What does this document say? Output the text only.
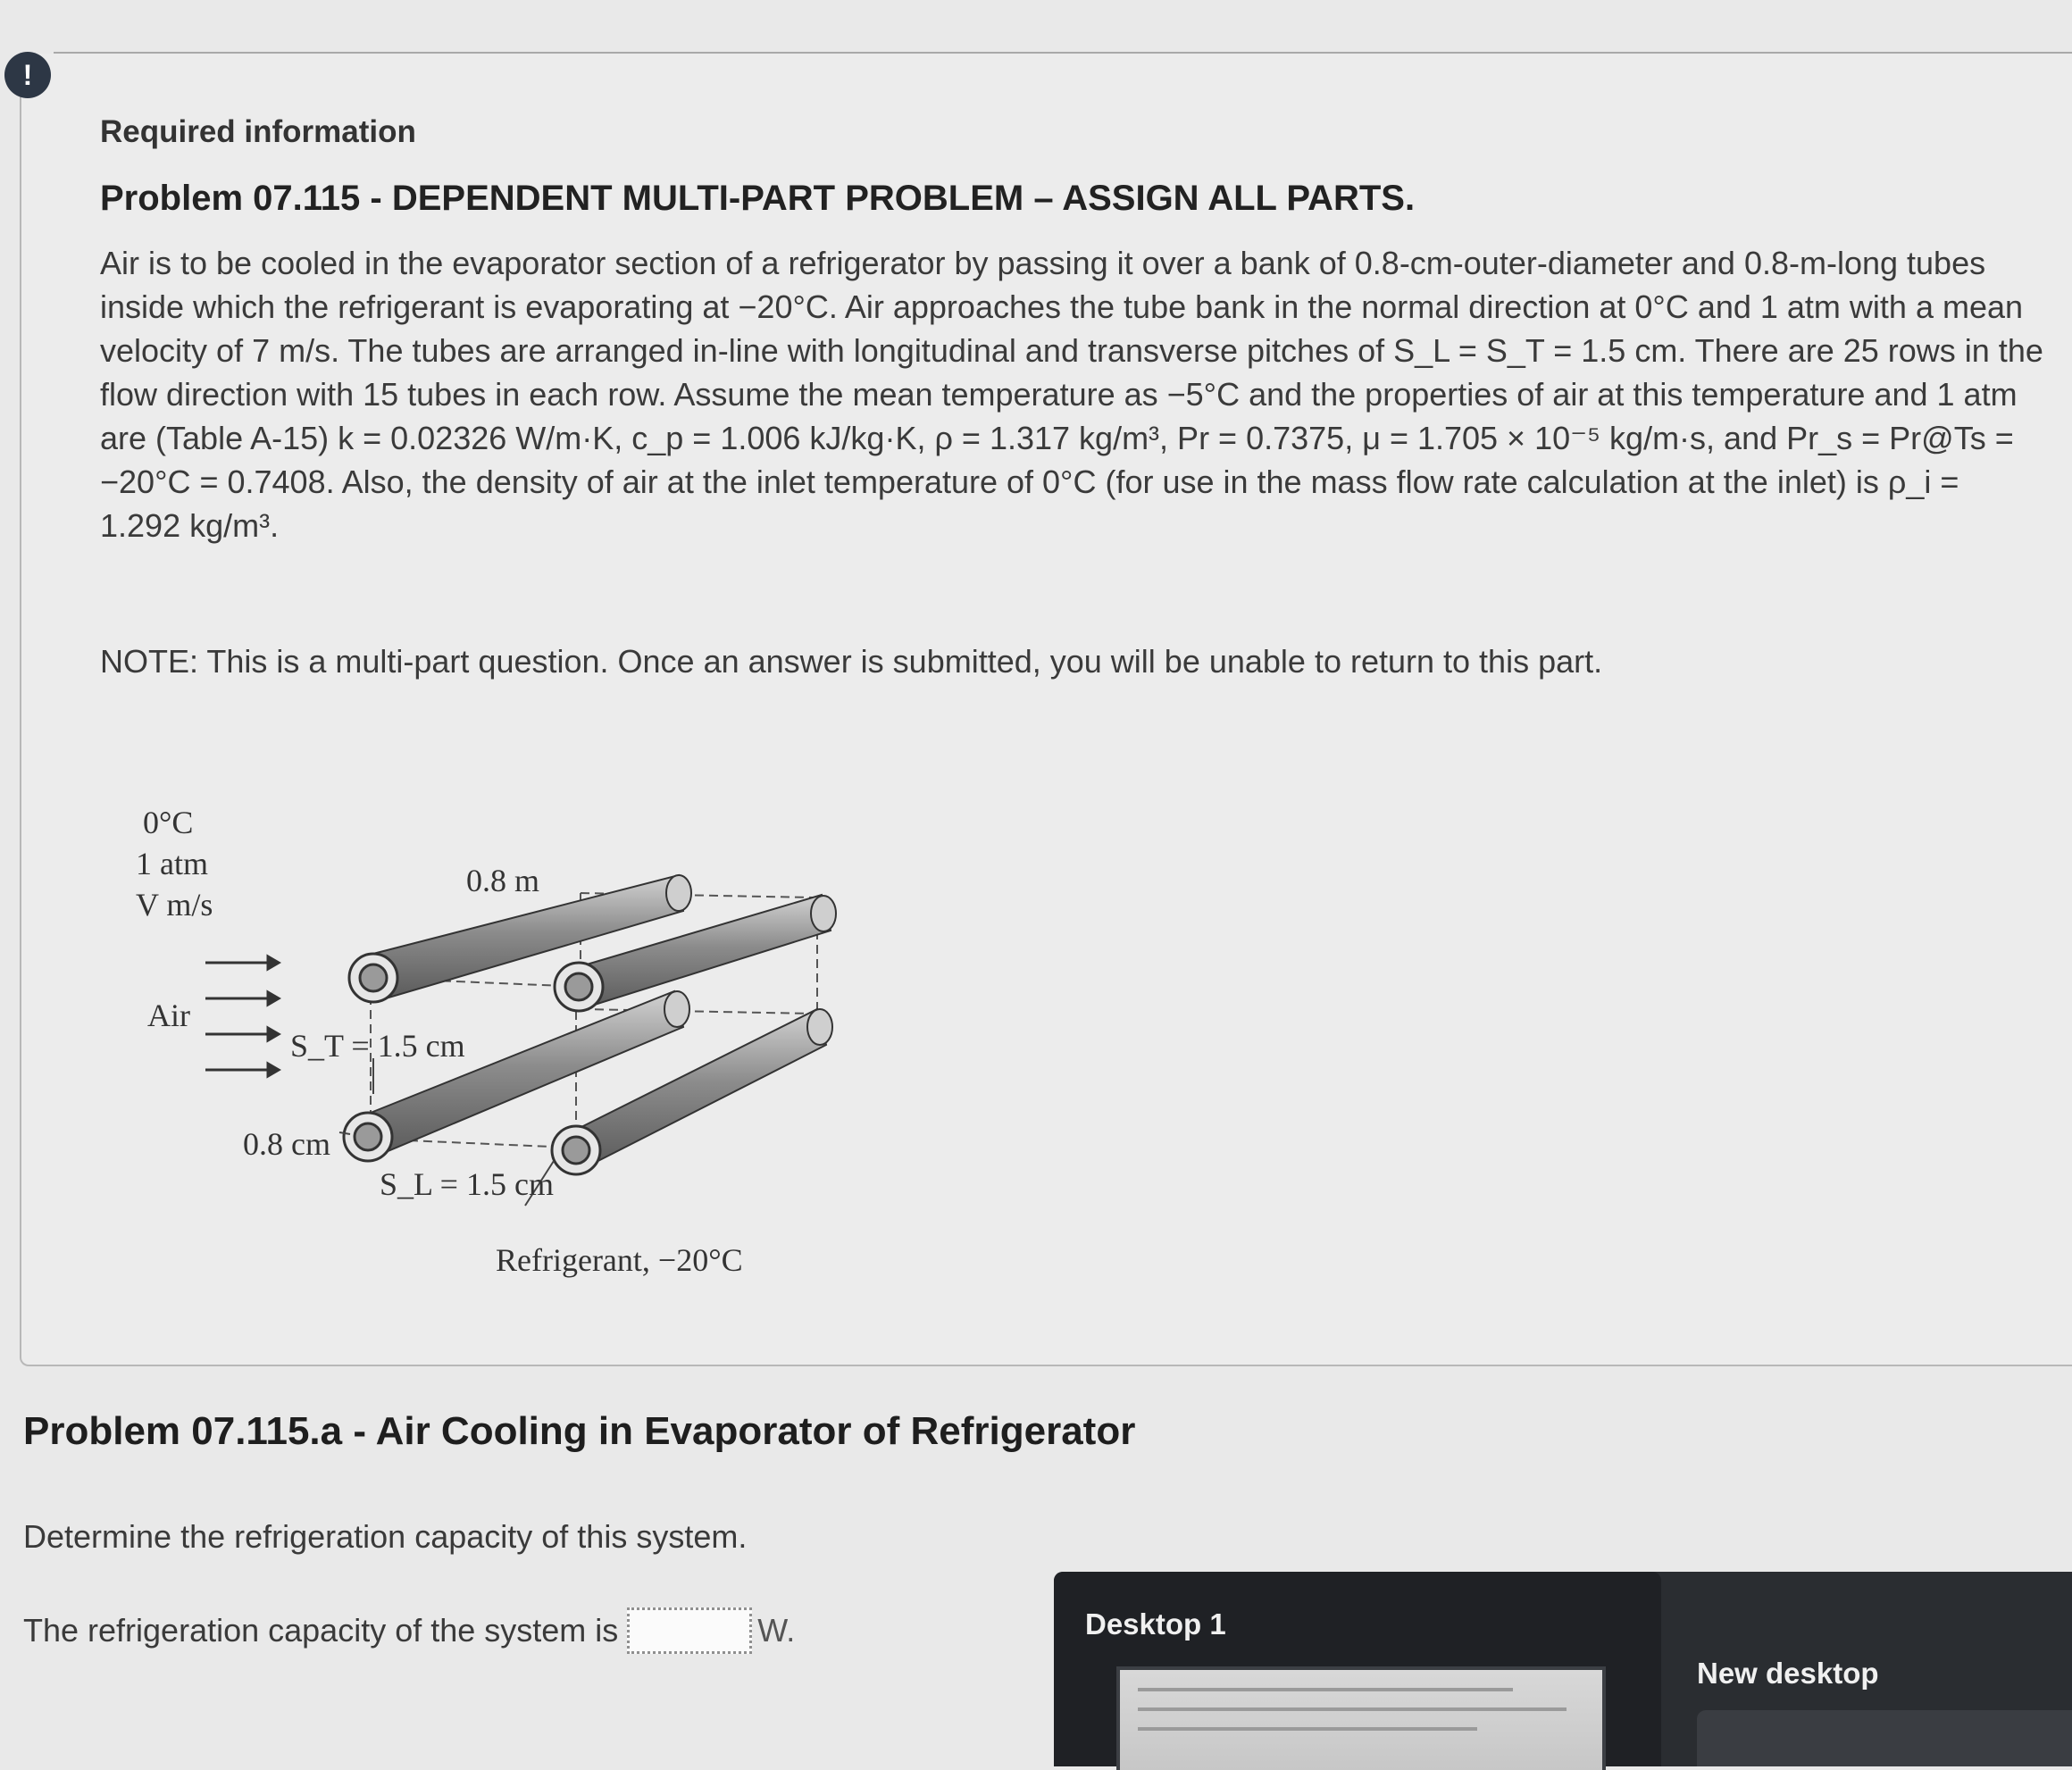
!
Required information
Problem 07.115 - DEPENDENT MULTI-PART PROBLEM – ASSIGN ALL PARTS.

Air is to be cooled in the evaporator section of a refrigerator by passing it over a bank of 0.8-cm-outer-diameter and 0.8-m-long tubes inside which the refrigerant is evaporating at −20°C. Air approaches the tube bank in the normal direction at 0°C and 1 atm with a mean velocity of 7 m/s. The tubes are arranged in-line with longitudinal and transverse pitches of S_L = S_T = 1.5 cm. There are 25 rows in the flow direction with 15 tubes in each row. Assume the mean temperature as −5°C and the properties of air at this temperature and 1 atm are (Table A-15) k = 0.02326 W/m·K, c_p = 1.006 kJ/kg·K, ρ = 1.317 kg/m³, Pr = 0.7375, μ = 1.705 × 10⁻⁵ kg/m·s, and Pr_s = Pr@Ts = −20°C = 0.7408. Also, the density of air at the inlet temperature of 0°C (for use in the mass flow rate calculation at the inlet) is ρ_i = 1.292 kg/m³.

NOTE: This is a multi-part question. Once an answer is submitted, you will be unable to return to this part.

0°C
1 atm
V m/s
Air
0.8 m
S_T = 1.5 cm
0.8 cm
S_L = 1.5 cm
Refrigerant, −20°C
Problem 07.115.a - Air Cooling in Evaporator of Refrigerator
Determine the refrigeration capacity of this system.
The refrigeration capacity of the system is	W.	Desktop 1
New desktop
